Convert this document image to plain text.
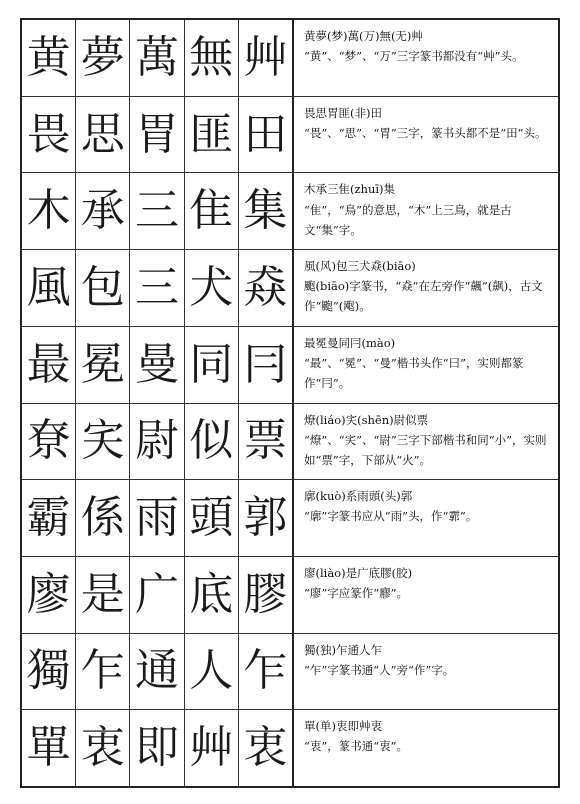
黄 夢 萬 無 艸	黄夢(梦)萬(万)無(无)艸
“黄”、“梦”、“万”三字篆书都没有“艸”头。
畏 思 胃 匪 田	畏思胃匪(非)田
“畏”、“思”、“胃”三字，篆书头都不是“田”头。
木 承 三 隹 集	木承三隹(zhuī)集
“隹”，“鳥”的意思，“木”上三鳥，就是古文“集”字。
風 包 三 犬 猋	風(风)包三犬猋(biāo)
颮(biāo)字篆书，“猋”在左旁作“飆”(飙)，古文作“颮”(飑)。
最 冕 曼 同 冃	最冕曼同冃(mào)
“最”、“冕”、“曼”楷书头作“曰”，实则都篆作“冃”。
尞 宎 尉 似 票	燎(liáo)宎(shēn)尉似票
“燎”、“宎”、“尉”三字下部楷书和同“小”，实则如“票”字，下部从“火”。
霸 係 雨 頭 郭	廓(kuò)系雨頭(头)郭
“廓”字篆书应从“雨”头，作“霩”。
廖 是 广 底 膠	廖(liào)是广底膠(胶)
“廖”字应篆作“廫”。
獨 乍 通 人 乍	獨(独)乍通人乍
“乍”字篆书通“人”旁“作”字。
單 衷 即 艸 衷	單(单)衷即艸衷
“衷”，篆书通“衷”。
